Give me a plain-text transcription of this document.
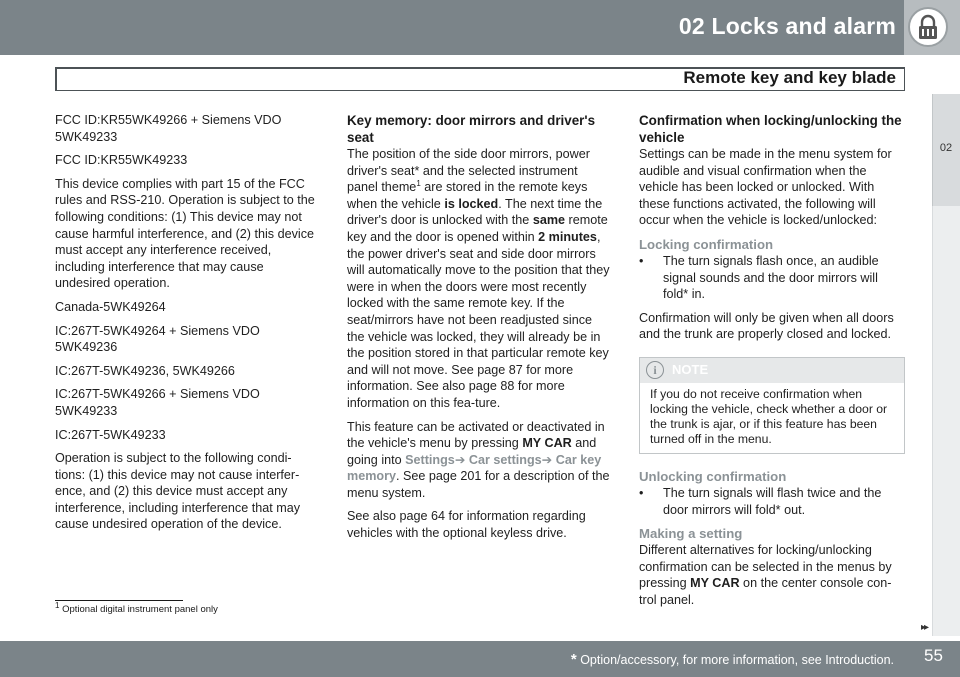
02 Locks and alarm
Remote key and key blade
02

FCC ID:KR55WK49266 + Siemens VDO 5WK49233

FCC ID:KR55WK49233

This device complies with part 15 of the FCC rules and RSS-210. Operation is subject to the following conditions: (1) This device may not cause harmful interference, and (2) this device must accept any interference received, including interference that may cause undesired operation.

Canada-5WK49264

IC:267T-5WK49264 + Siemens VDO 5WK49236

IC:267T-5WK49236, 5WK49266

IC:267T-5WK49266 + Siemens VDO 5WK49233

IC:267T-5WK49233

Operation is subject to the following condi-tions: (1) this device may not cause interfer-ence, and (2) this device must accept any interference, including interference that may cause undesired operation of the device.

Key memory: door mirrors and driver's seat

The position of the side door mirrors, power driver's seat* and the selected instrument panel theme$^1$ are stored in the remote keys when the vehicle is locked. The next time the driver's door is unlocked with the same remote key and the door is opened within 2 minutes, the power driver's seat and side door mirrors will automatically move to the position that they were in when the doors were most recently locked with the same remote key. If the seat/mirrors have not been readjusted since the vehicle was locked, they will already be in the position stored in that particular remote key and will not move. See page 87 for more information. See also page 88 for more information on this fea-ture.

This feature can be activated or deactivated in the vehicle's menu by pressing MY CAR and going into Settings➔ Car settings➔ Car key memory. See page 201 for a description of the menu system.

See also page 64 for information regarding vehicles with the optional keyless drive.

Confirmation when locking/unlocking the vehicle

Settings can be made in the menu system for audible and visual confirmation when the vehicle has been locked or unlocked. With these functions activated, the following will occur when the vehicle is locked/unlocked:

Locking confirmation
•	The turn signals flash once, an audible signal sounds and the door mirrors will fold* in.

Confirmation will only be given when all doors and the trunk are properly closed and locked.

i	NOTE
If you do not receive confirmation when locking the vehicle, check whether a door or the trunk is ajar, or if this feature has been turned off in the menu.
Unlocking confirmation
•	The turn signals will flash twice and the door mirrors will fold* out.
Making a setting

Different alternatives for locking/unlocking confirmation can be selected in the menus by pressing MY CAR on the center console con-trol panel.

$^1$ Optional digital instrument panel only
▸▸
* Option/accessory, for more information, see Introduction. 55
